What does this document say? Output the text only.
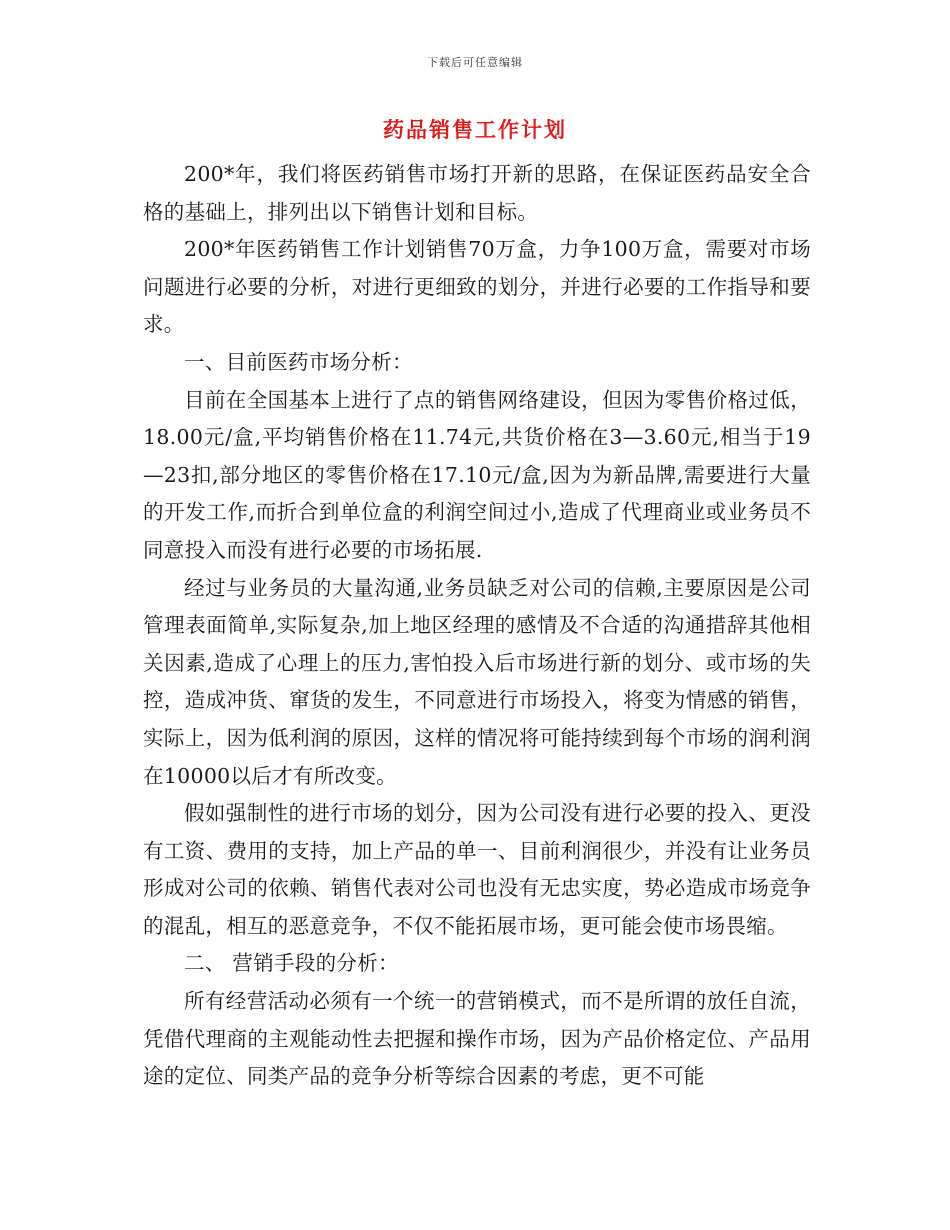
下载后可任意编辑
药品销售工作计划

200*年，我们将医药销售市场打开新的思路，在保证医药品安全合格的基础上，排列出以下销售计划和目标。

200*年医药销售工作计划销售70万盒，力争100万盒，需要对市场问题进行必要的分析，对进行更细致的划分，并进行必要的工作指导和要求。

一、目前医药市场分析：

目前在全国基本上进行了点的销售网络建设，但因为零售价格过低，18.00元/盒,平均销售价格在11.74元,共货价格在3—3.60元,相当于19 —23扣,部分地区的零售价格在17.10元/盒,因为为新品牌,需要进行大量的开发工作,而折合到单位盒的利润空间过小,造成了代理商业或业务员不同意投入而没有进行必要的市场拓展.

经过与业务员的大量沟通,业务员缺乏对公司的信赖,主要原因是公司管理表面简单,实际复杂,加上地区经理的感情及不合适的沟通措辞其他相关因素,造成了心理上的压力,害怕投入后市场进行新的划分、或市场的失控，造成冲货、窜货的发生，不同意进行市场投入，将变为情感的销售，实际上，因为低利润的原因，这样的情况将可能持续到每个市场的润利润在10000以后才有所改变。

假如强制性的进行市场的划分，因为公司没有进行必要的投入、更没有工资、费用的支持，加上产品的单一、目前利润很少，并没有让业务员形成对公司的依赖、销售代表对公司也没有无忠实度，势必造成市场竞争的混乱，相互的恶意竞争，不仅不能拓展市场，更可能会使市场畏缩。

二、 营销手段的分析：

所有经营活动必须有一个统一的营销模式，而不是所谓的放任自流，凭借代理商的主观能动性去把握和操作市场，因为产品价格定位、产品用途的定位、同类产品的竞争分析等综合因素的考虑，更不可能
